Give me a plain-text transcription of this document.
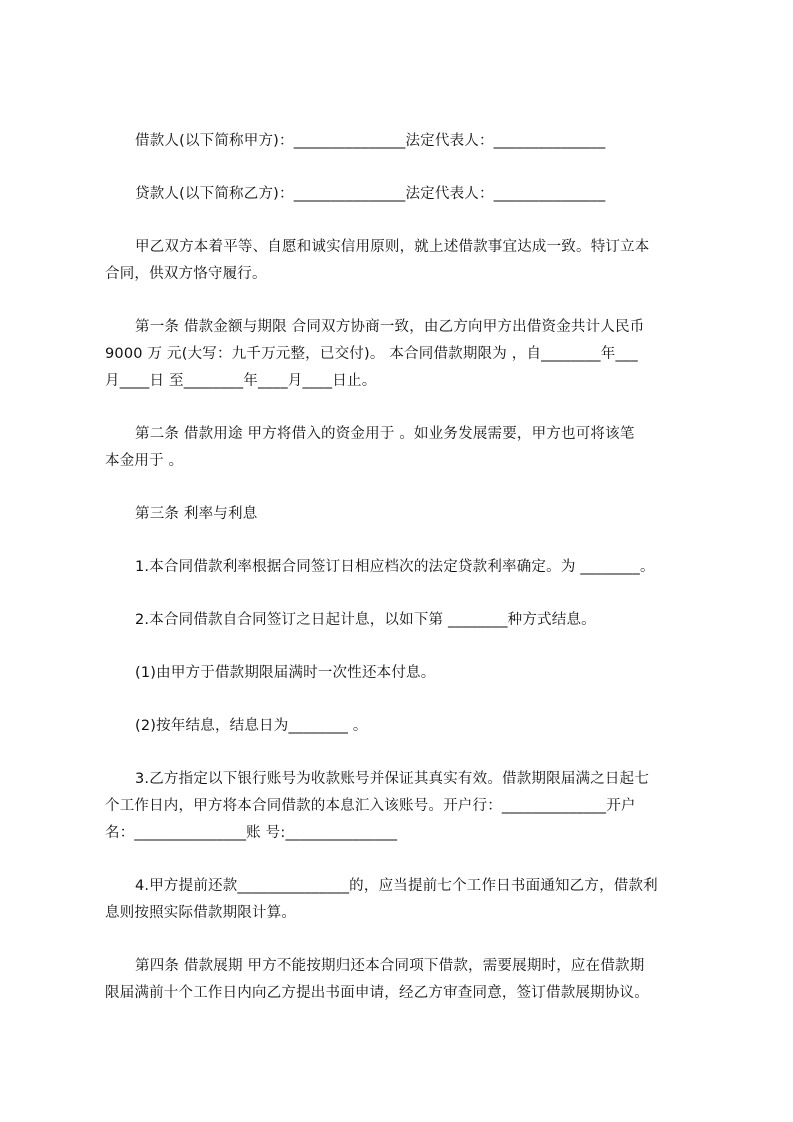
借款人(以下简称甲方)：_______________法定代表人：_______________
贷款人(以下简称乙方)：_______________法定代表人：_______________
甲乙双方本着平等、自愿和诚实信用原则，就上述借款事宜达成一致。特订立本
合同，供双方恪守履行。
第一条 借款金额与期限 合同双方协商一致，由乙方向甲方出借资金共计人民币
9000 万 元(大写：九千万元整，已交付)。 本合同借款期限为 ，自________年___
月____日 至________年____月____日止。
第二条 借款用途 甲方将借入的资金用于 。如业务发展需要，甲方也可将该笔
本金用于 。
第三条 利率与利息
1.本合同借款利率根据合同签订日相应档次的法定贷款利率确定。为 ________。
2.本合同借款自合同签订之日起计息，以如下第 ________种方式结息。
(1)由甲方于借款期限届满时一次性还本付息。
(2)按年结息，结息日为________ 。
3.乙方指定以下银行账号为收款账号并保证其真实有效。借款期限届满之日起七
个工作日内，甲方将本合同借款的本息汇入该账号。开户行：______________开户
名：_______________账 号:_______________
4.甲方提前还款_______________的，应当提前七个工作日书面通知乙方，借款利
息则按照实际借款期限计算。
第四条 借款展期 甲方不能按期归还本合同项下借款，需要展期时，应在借款期
限届满前十个工作日内向乙方提出书面申请，经乙方审查同意，签订借款展期协议。
